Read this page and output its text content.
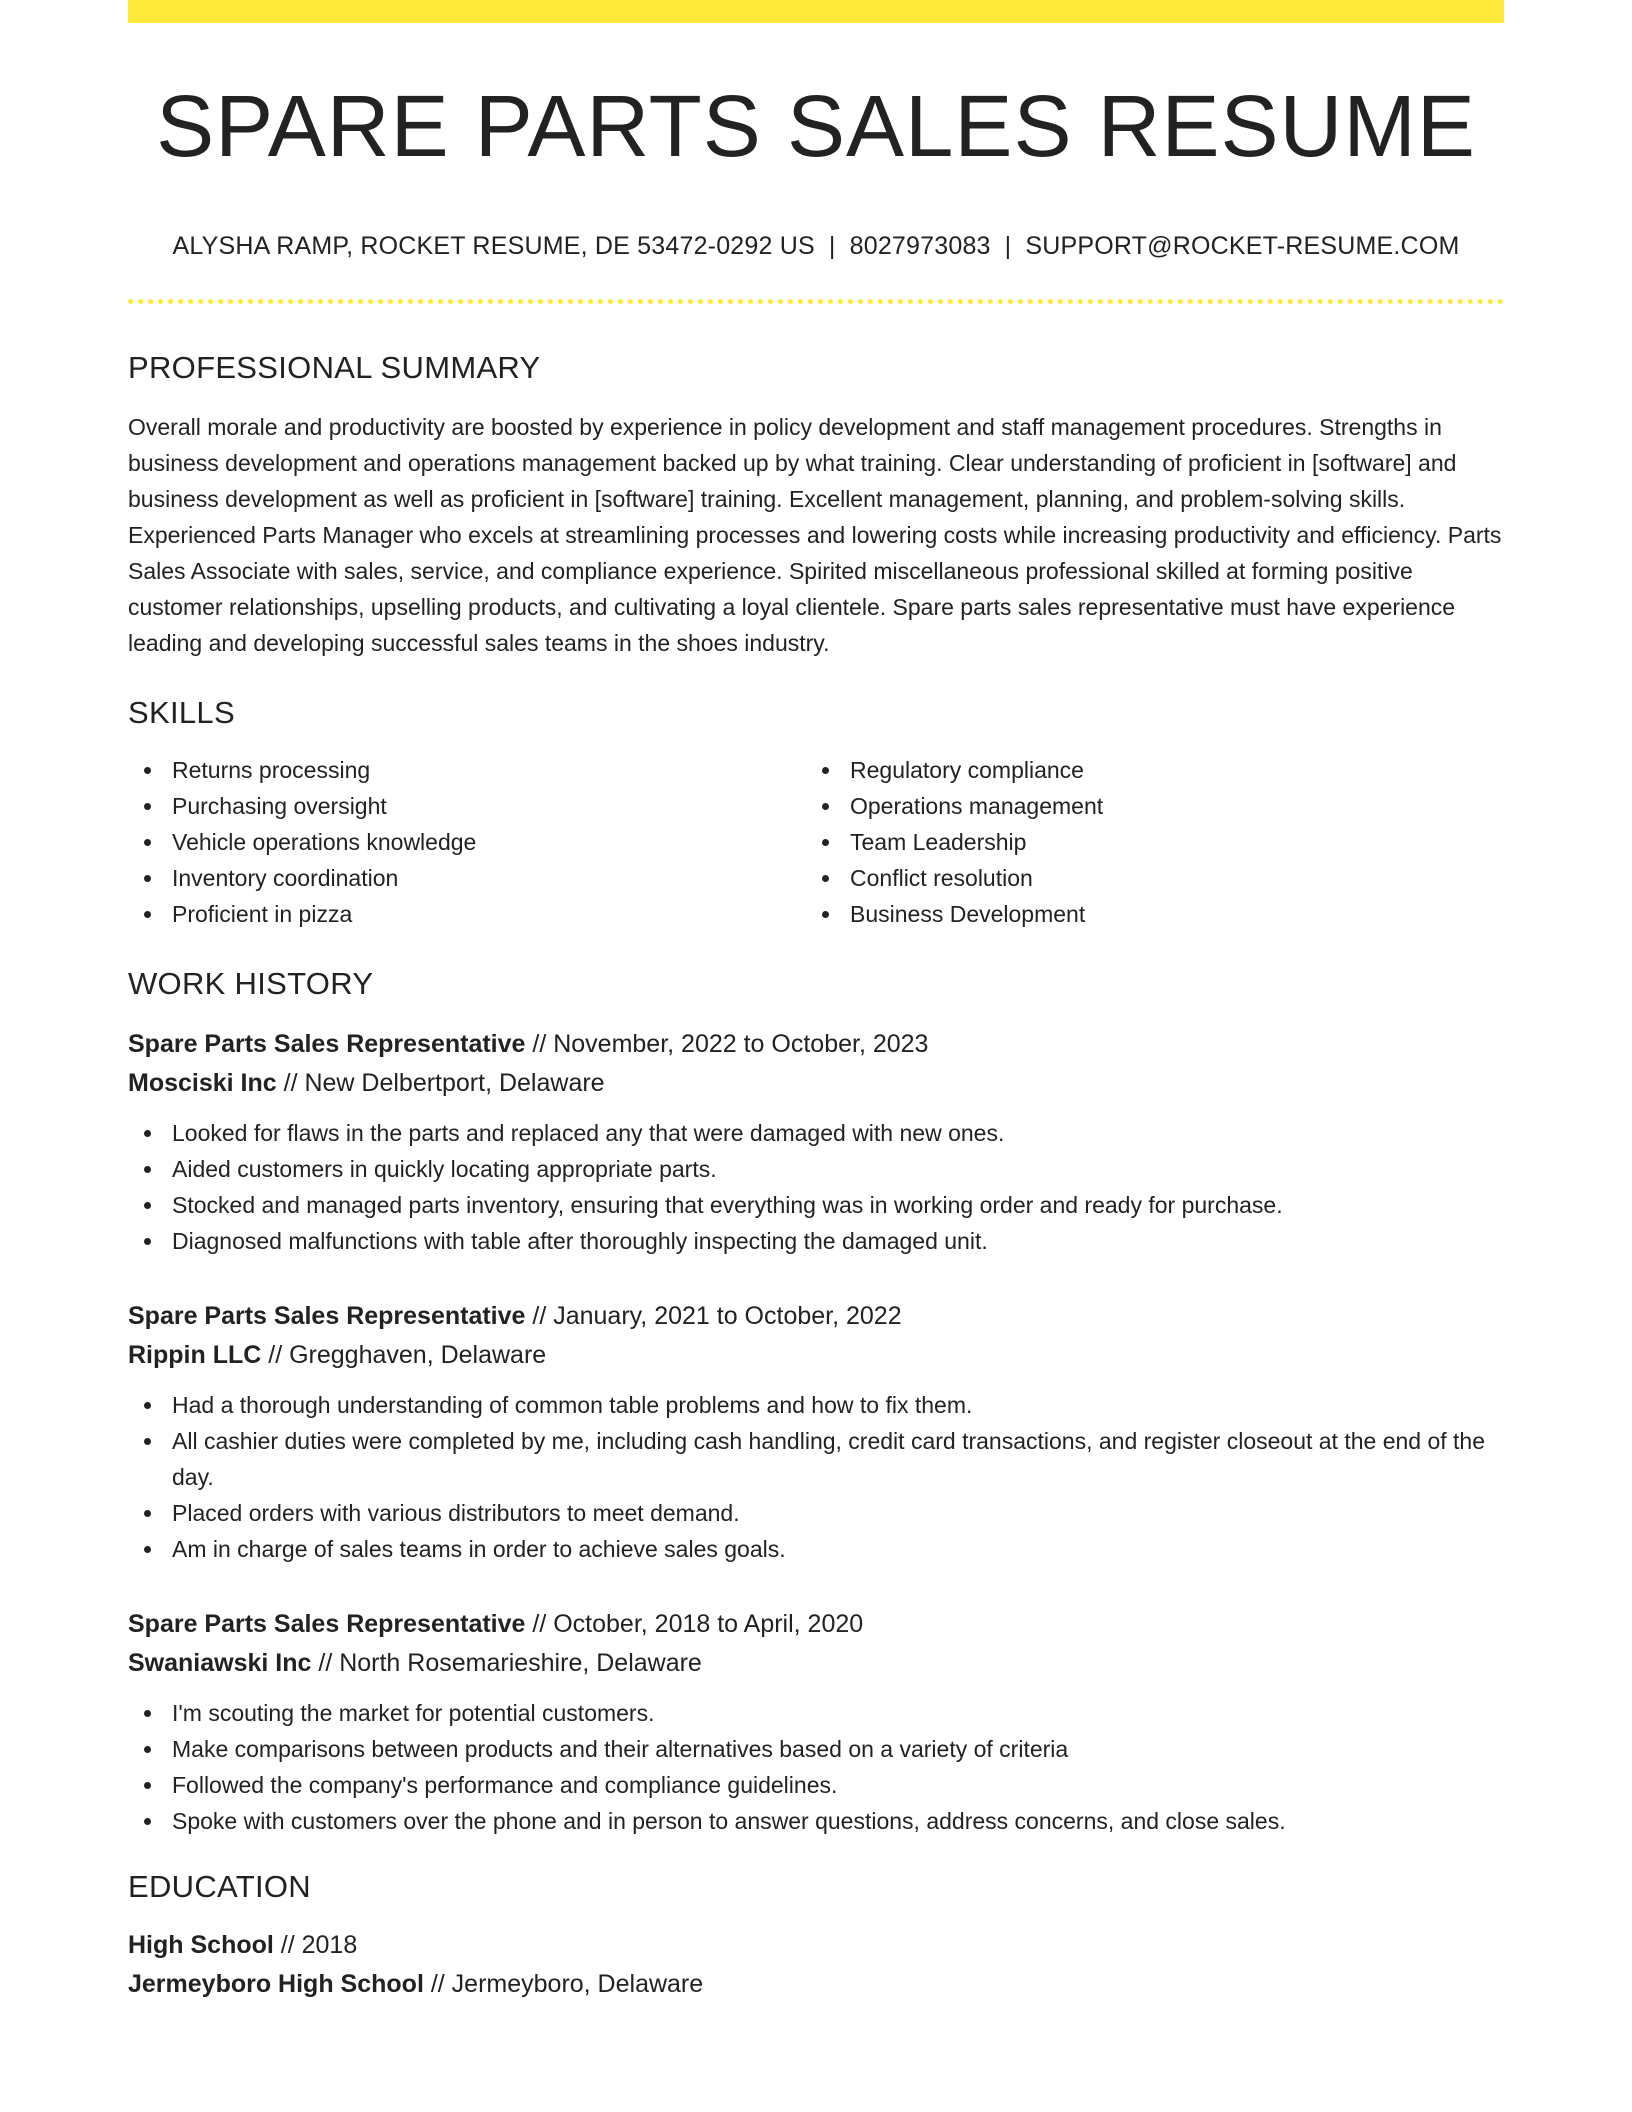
SPARE PARTS SALES RESUME
ALYSHA RAMP, ROCKET RESUME, DE 53472-0292 US | 8027973083 | SUPPORT@ROCKET-RESUME.COM
PROFESSIONAL SUMMARY
Overall morale and productivity are boosted by experience in policy development and staff management procedures. Strengths in business development and operations management backed up by what training. Clear understanding of proficient in [software] and business development as well as proficient in [software] training. Excellent management, planning, and problem-solving skills. Experienced Parts Manager who excels at streamlining processes and lowering costs while increasing productivity and efficiency. Parts Sales Associate with sales, service, and compliance experience. Spirited miscellaneous professional skilled at forming positive customer relationships, upselling products, and cultivating a loyal clientele. Spare parts sales representative must have experience leading and developing successful sales teams in the shoes industry.
SKILLS
Returns processing
Purchasing oversight
Vehicle operations knowledge
Inventory coordination
Proficient in pizza
Regulatory compliance
Operations management
Team Leadership
Conflict resolution
Business Development
WORK HISTORY
Spare Parts Sales Representative // November, 2022 to October, 2023
Mosciski Inc // New Delbertport, Delaware
Looked for flaws in the parts and replaced any that were damaged with new ones.
Aided customers in quickly locating appropriate parts.
Stocked and managed parts inventory, ensuring that everything was in working order and ready for purchase.
Diagnosed malfunctions with table after thoroughly inspecting the damaged unit.
Spare Parts Sales Representative // January, 2021 to October, 2022
Rippin LLC // Gregghaven, Delaware
Had a thorough understanding of common table problems and how to fix them.
All cashier duties were completed by me, including cash handling, credit card transactions, and register closeout at the end of the day.
Placed orders with various distributors to meet demand.
Am in charge of sales teams in order to achieve sales goals.
Spare Parts Sales Representative // October, 2018 to April, 2020
Swaniawski Inc // North Rosemarieshire, Delaware
I'm scouting the market for potential customers.
Make comparisons between products and their alternatives based on a variety of criteria
Followed the company's performance and compliance guidelines.
Spoke with customers over the phone and in person to answer questions, address concerns, and close sales.
EDUCATION
High School // 2018
Jermeyboro High School // Jermeyboro, Delaware
